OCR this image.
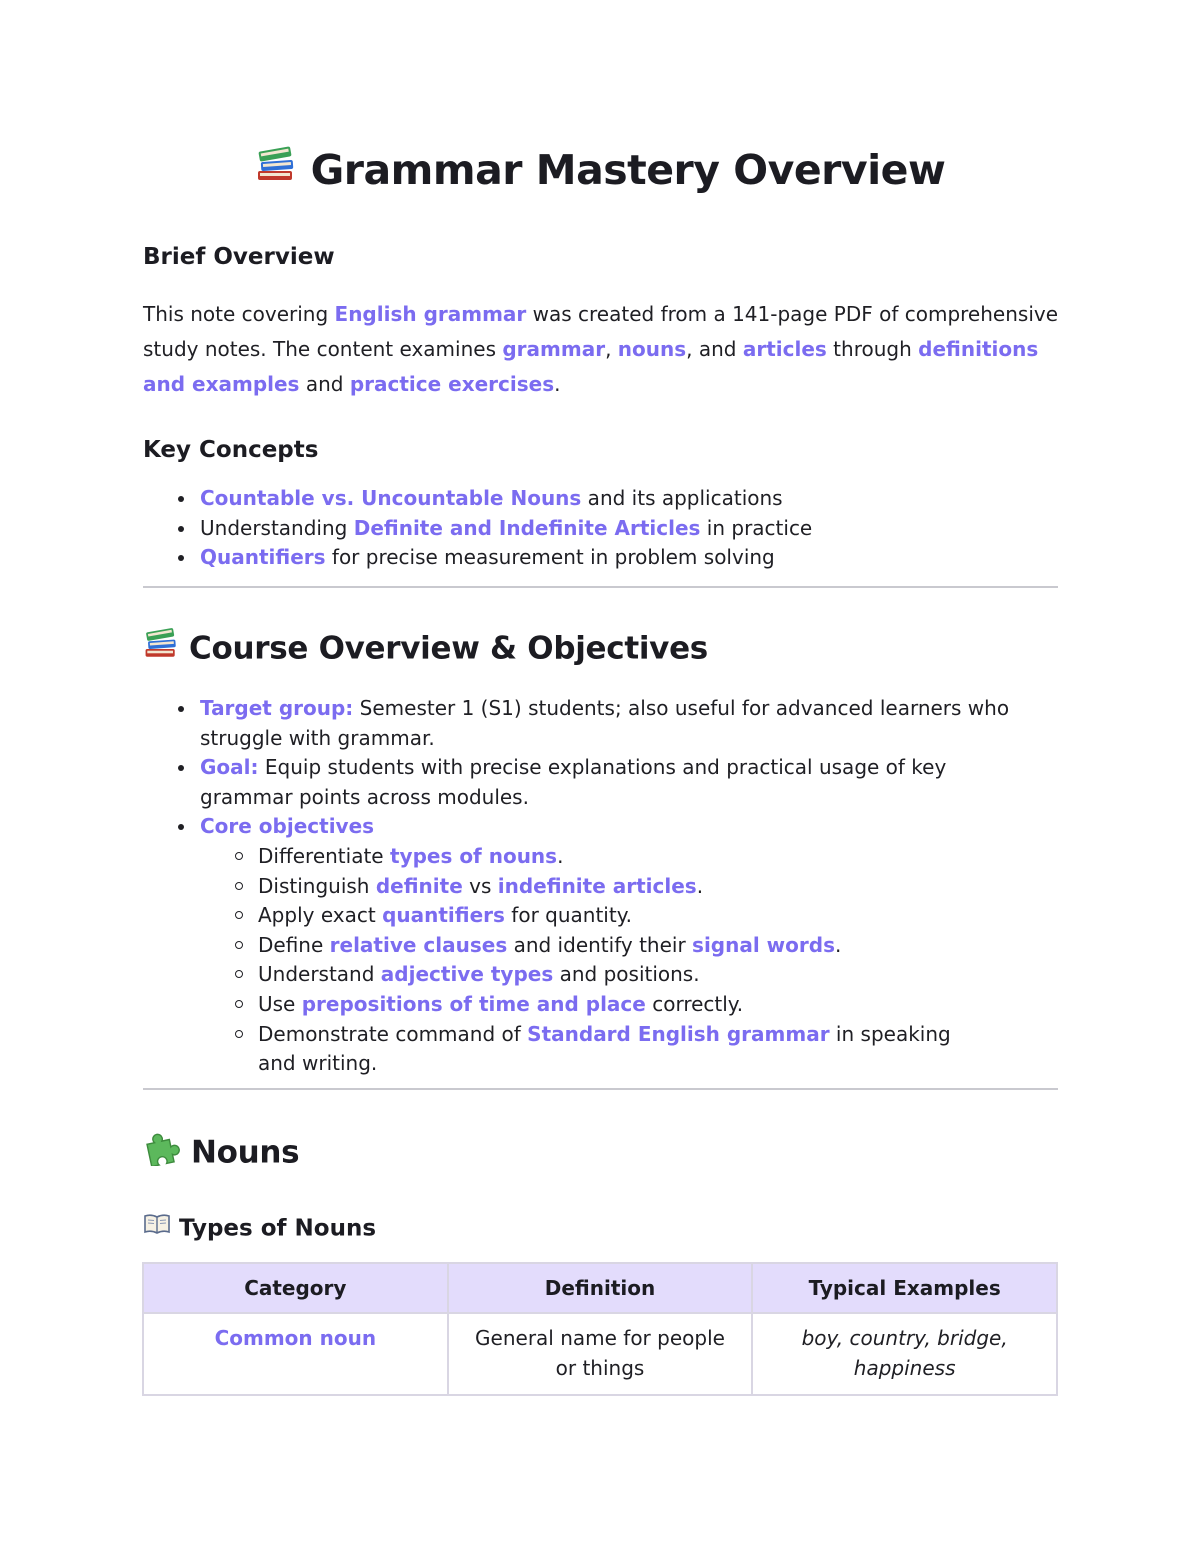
Grammar Mastery Overview
Brief Overview

This note covering English grammar was created from a 141-page PDF of comprehensive study notes. The content examines grammar, nouns, and articles through definitions and examples and practice exercises.

Key Concepts
Countable vs. Uncountable Nouns and its applications
Understanding Definite and Indefinite Articles in practice
Quantifiers for precise measurement in problem solving
Course Overview & Objectives
Target group: Semester 1 (S1) students; also useful for advanced learners who struggle with grammar.
Goal: Equip students with precise explanations and practical usage of key grammar points across modules.
Core objectives
Differentiate types of nouns.
Distinguish definite vs indefinite articles.
Apply exact quantifiers for quantity.
Define relative clauses and identify their signal words.
Understand adjective types and positions.
Use prepositions of time and place correctly.
Demonstrate command of Standard English grammar in speaking and writing.
Nouns
Types of Nouns
Category	Definition	Typical Examples
Common noun	General name for people or things	boy, country, bridge, happiness
